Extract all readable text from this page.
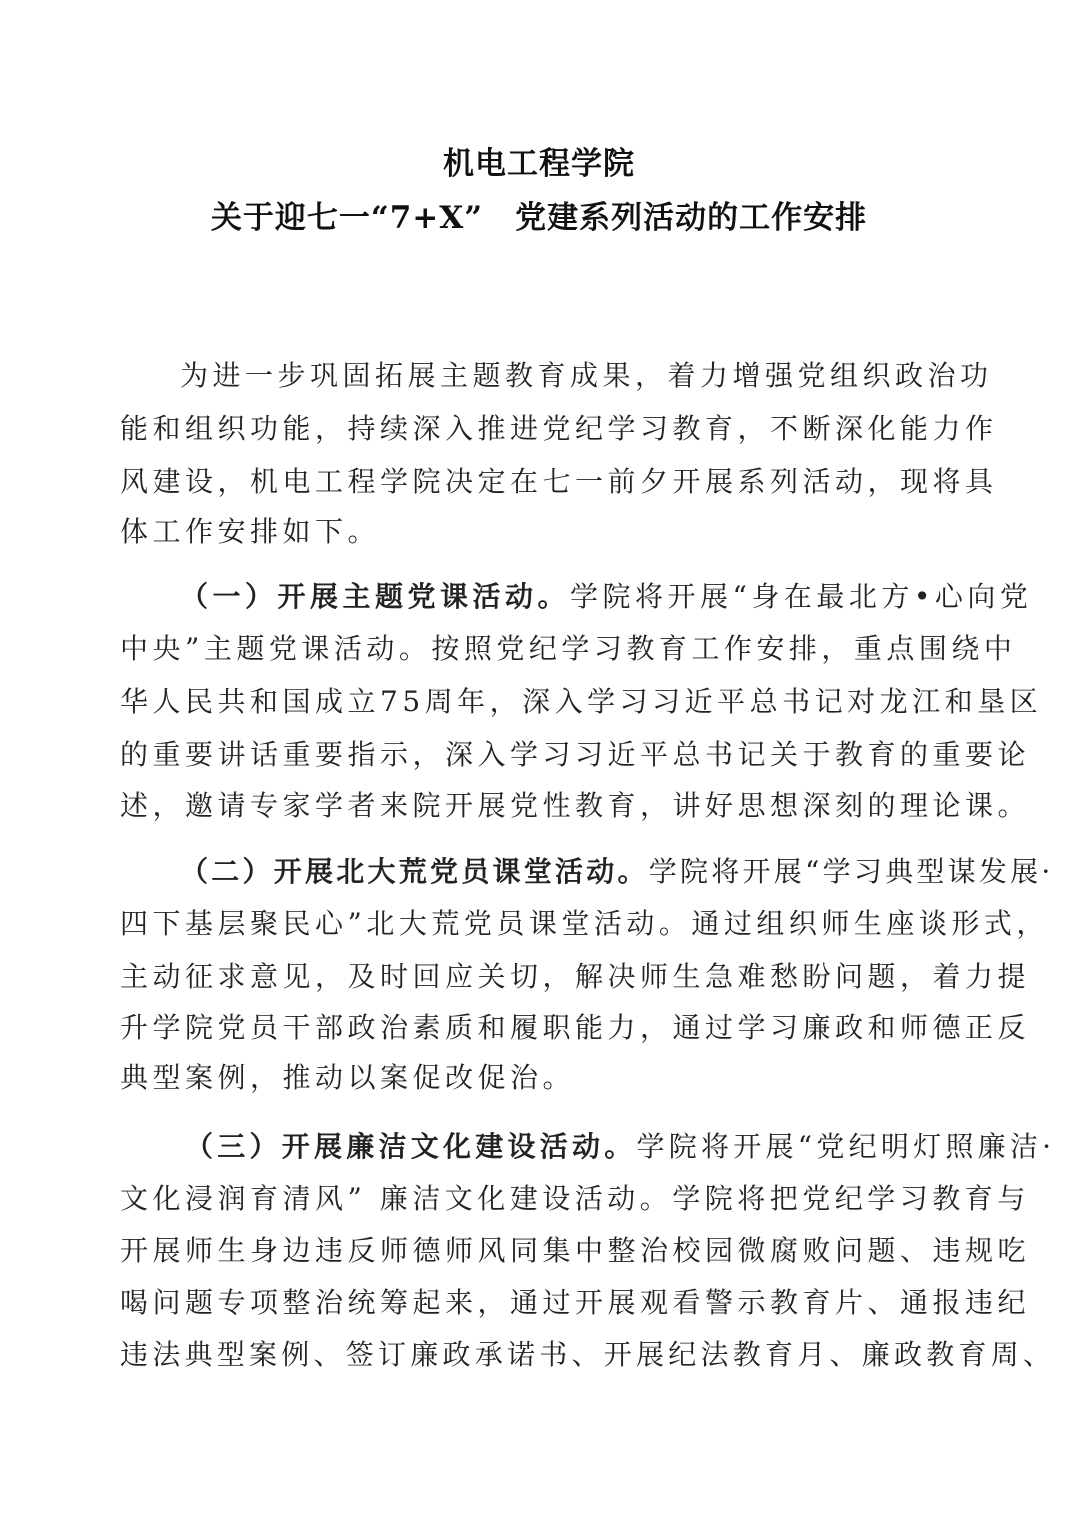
机电工程学院
关于迎七一“7+X”　党建系列活动的工作安排
为进一步巩固拓展主题教育成果，着力增强党组织政治功
能和组织功能，持续深入推进党纪学习教育，不断深化能力作
风建设，机电工程学院决定在七一前夕开展系列活动，现将具
体工作安排如下。
（一）开展主题党课活动。学院将开展“身在最北方•心向党
中央”主题党课活动。按照党纪学习教育工作安排，重点围绕中
华人民共和国成立75周年，深入学习习近平总书记对龙江和垦区
的重要讲话重要指示，深入学习习近平总书记关于教育的重要论
述，邀请专家学者来院开展党性教育，讲好思想深刻的理论课。
（二）开展北大荒党员课堂活动。学院将开展“学习典型谋发展·
四下基层聚民心”北大荒党员课堂活动。通过组织师生座谈形式，
主动征求意见，及时回应关切，解决师生急难愁盼问题，着力提
升学院党员干部政治素质和履职能力，通过学习廉政和师德正反
典型案例，推动以案促改促治。
（三）开展廉洁文化建设活动。学院将开展“党纪明灯照廉洁·
文化浸润育清风” 廉洁文化建设活动。学院将把党纪学习教育与
开展师生身边违反师德师风同集中整治校园微腐败问题、违规吃
喝问题专项整治统筹起来，通过开展观看警示教育片、通报违纪
违法典型案例、签订廉政承诺书、开展纪法教育月、廉政教育周、
